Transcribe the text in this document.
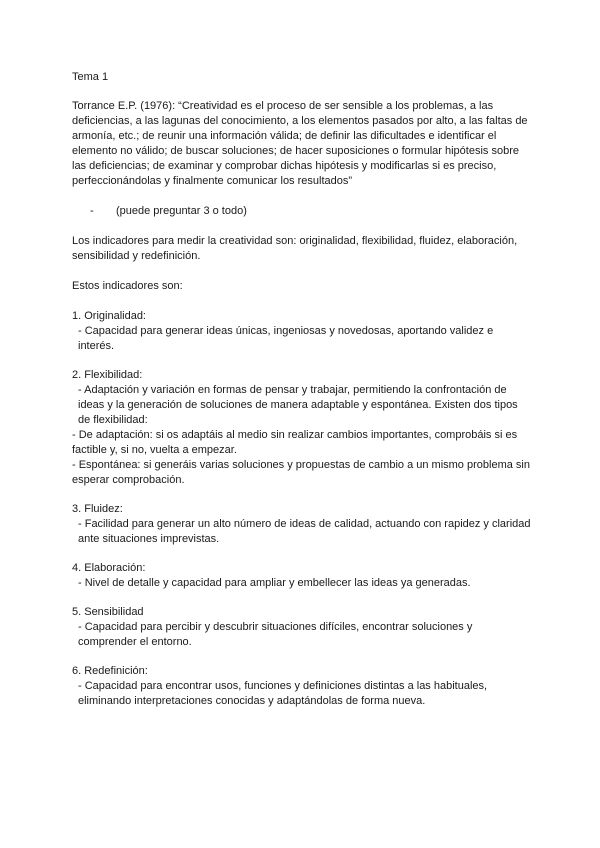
Tema 1

Torrance E.P. (1976): “Creatividad es el proceso de ser sensible a los problemas, a las deficiencias, a las lagunas del conocimiento, a los elementos pasados por alto, a las faltas de armonía, etc.; de reunir una información válida; de definir las dificultades e identificar el elemento no válido; de buscar soluciones; de hacer suposiciones o formular hipótesis sobre las deficiencias; de examinar y comprobar dichas hipótesis y modificarlas si es preciso, perfeccionándolas y finalmente comunicar los resultados”

-	(puede preguntar 3 o todo)

Los indicadores para medir la creatividad son: originalidad, flexibilidad, fluidez, elaboración, sensibilidad y redefinición.

Estos indicadores son:

1. Originalidad:

- Capacidad para generar ideas únicas, ingeniosas y novedosas, aportando validez e interés.

2. Flexibilidad:

- Adaptación y variación en formas de pensar y trabajar, permitiendo la confrontación de ideas y la generación de soluciones de manera adaptable y espontánea. Existen dos tipos de flexibilidad:

- De adaptación: si os adaptáis al medio sin realizar cambios importantes, comprobáis si es factible y, si no, vuelta a empezar.

- Espontánea: si generáis varias soluciones y propuestas de cambio a un mismo problema sin esperar comprobación.

3. Fluidez:

- Facilidad para generar un alto número de ideas de calidad, actuando con rapidez y claridad ante situaciones imprevistas.

4. Elaboración:

- Nivel de detalle y capacidad para ampliar y embellecer las ideas ya generadas.

5. Sensibilidad

- Capacidad para percibir y descubrir situaciones difíciles, encontrar soluciones y comprender el entorno.

6. Redefinición:

- Capacidad para encontrar usos, funciones y definiciones distintas a las habituales, eliminando interpretaciones conocidas y adaptándolas de forma nueva.
